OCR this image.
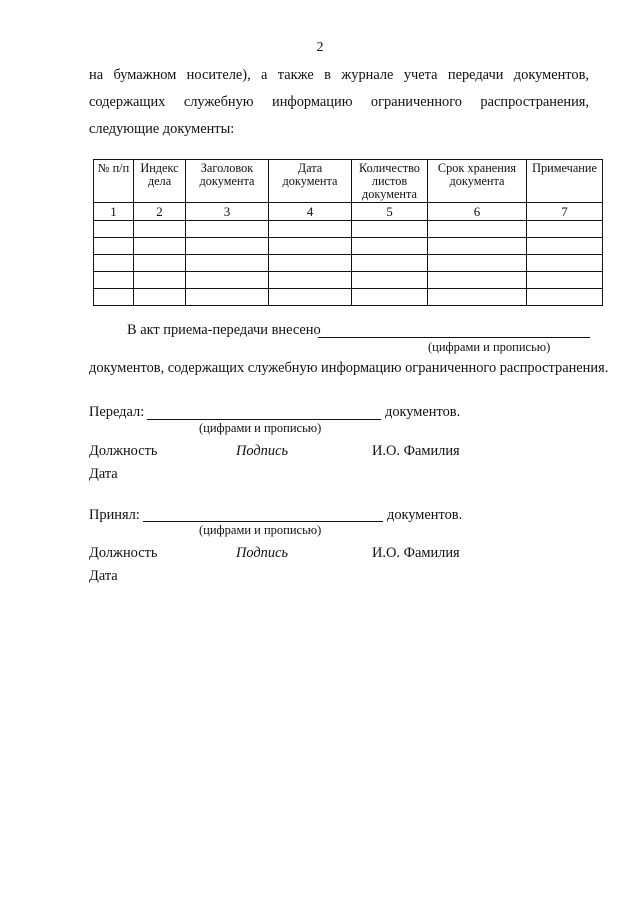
2
на бумажном носителе), а также в журнале учета передачи документов, содержащих служебную информацию ограниченного распространения, следующие документы:
№ п/п	Индекс дела	Заголовок документа	Дата документа	Количество листов документа	Срок хранения документа	Примечание
1	2	3	4	5	6	7

В акт приема-передачи внесено
(цифрами и прописью)
документов, содержащих служебную информацию ограниченного распространения.
Передал:	документов.
(цифрами и прописью)
Должность	Подпись	И.О. Фамилия
Дата
Принял:	документов.
(цифрами и прописью)
Должность	Подпись	И.О. Фамилия
Дата
